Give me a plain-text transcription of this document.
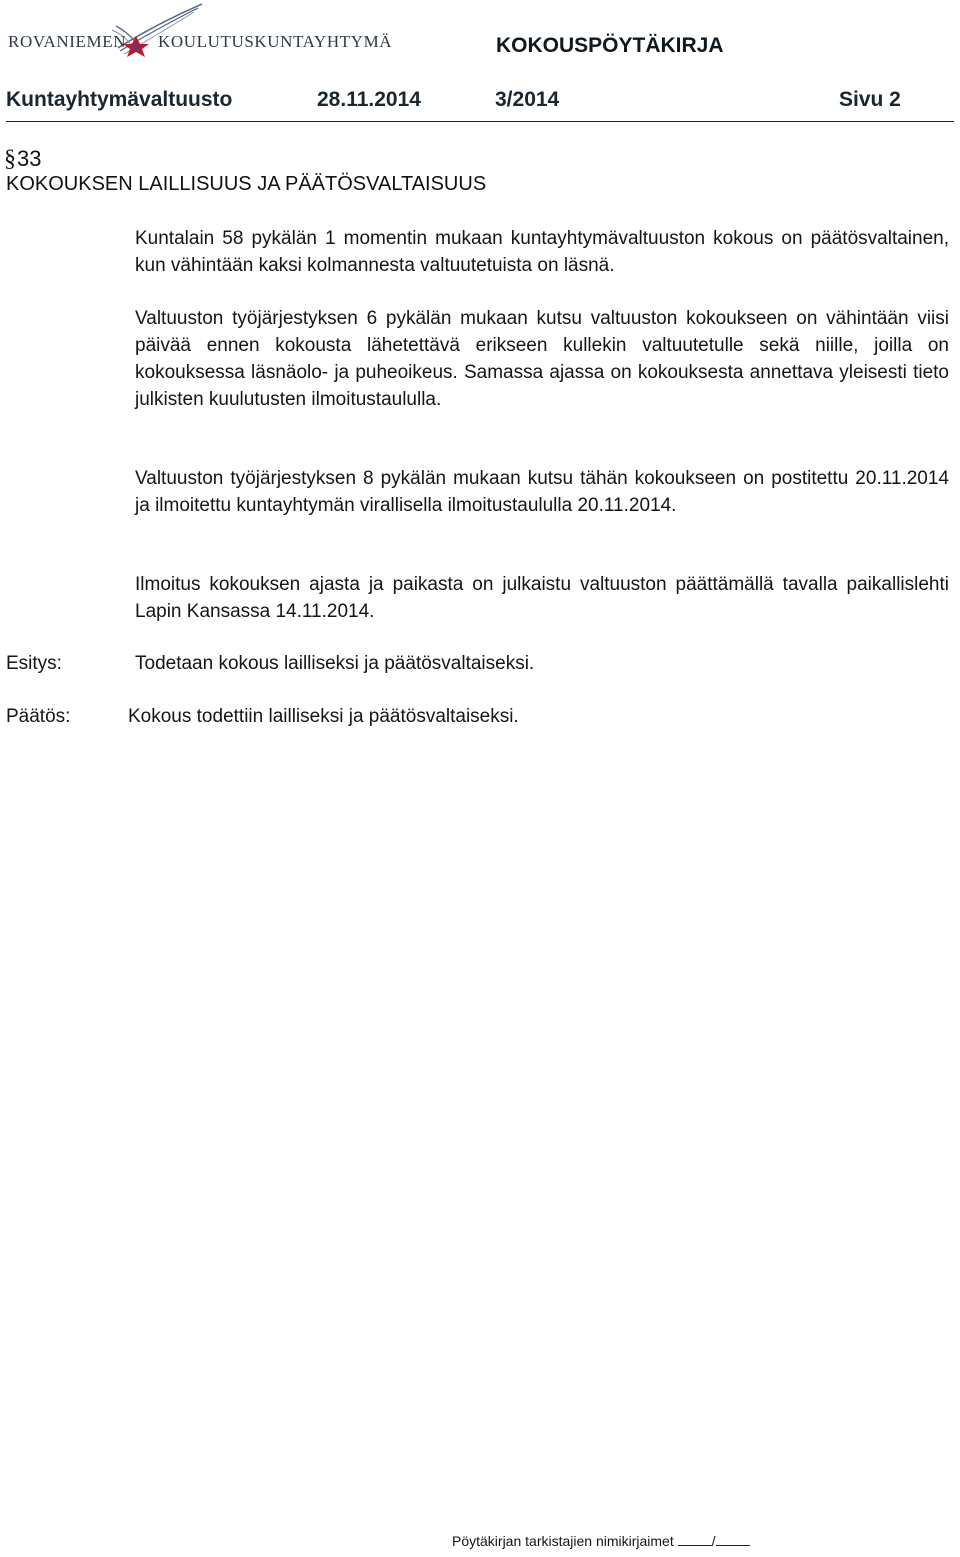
ROVANIEMEN KOULUTUSKUNTAYHTYMÄ	KOKOUSPÖYTÄKIRJA
Kuntayhtymävaltuusto	28.11.2014	3/2014	Sivu 2
§33
KOKOUKSEN LAILLISUUS JA PÄÄTÖSVALTAISUUS

Kuntalain 58 pykälän 1 momentin mukaan kuntayhtymävaltuuston kokous on päätösvaltainen, kun vähintään kaksi kolmannesta valtuutetuista on läsnä.

Valtuuston työjärjestyksen 6 pykälän mukaan kutsu valtuuston kokoukseen on vähintään viisi päivää ennen kokousta lähetettävä erikseen kullekin valtuutetulle sekä niille, joilla on kokouksessa läsnäolo- ja puheoikeus. Samassa ajassa on kokouksesta annettava yleisesti tieto julkisten kuulutusten ilmoitustaululla.

Valtuuston työjärjestyksen 8 pykälän mukaan kutsu tähän kokoukseen on postitettu 20.11.2014 ja ilmoitettu kuntayhtymän virallisella ilmoitustaululla 20.11.2014.

Ilmoitus kokouksen ajasta ja paikasta on julkaistu valtuuston päättämällä tavalla paikallislehti Lapin Kansassa 14.11.2014.

Esitys:	Todetaan kokous lailliseksi ja päätösvaltaiseksi.
Päätös:	Kokous todettiin lailliseksi ja päätösvaltaiseksi.
Pöytäkirjan tarkistajien nimikirjaimet	/
